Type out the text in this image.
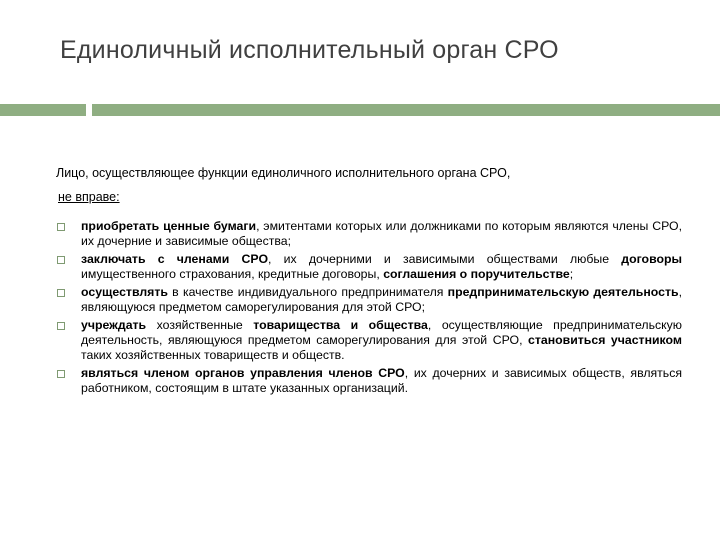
Единоличный исполнительный орган СРО
Лицо, осуществляющее функции единоличного исполнительного органа СРО,
не вправе:
приобретать ценные бумаги, эмитентами которых или должниками по которым являются члены СРО, их дочерние и зависимые общества;
заключать с членами СРО, их дочерними и зависимыми обществами любые договоры имущественного страхования, кредитные договоры, соглашения о поручительстве;
осуществлять в качестве индивидуального предпринимателя предпринимательскую деятельность, являющуюся предметом саморегулирования для этой СРО;
учреждать хозяйственные товарищества и общества, осуществляющие предпринимательскую деятельность, являющуюся предметом саморегулирования для этой СРО, становиться участником таких хозяйственных товариществ и обществ.
являться членом органов управления членов СРО, их дочерних и зависимых обществ, являться работником, состоящим в штате указанных организаций.
